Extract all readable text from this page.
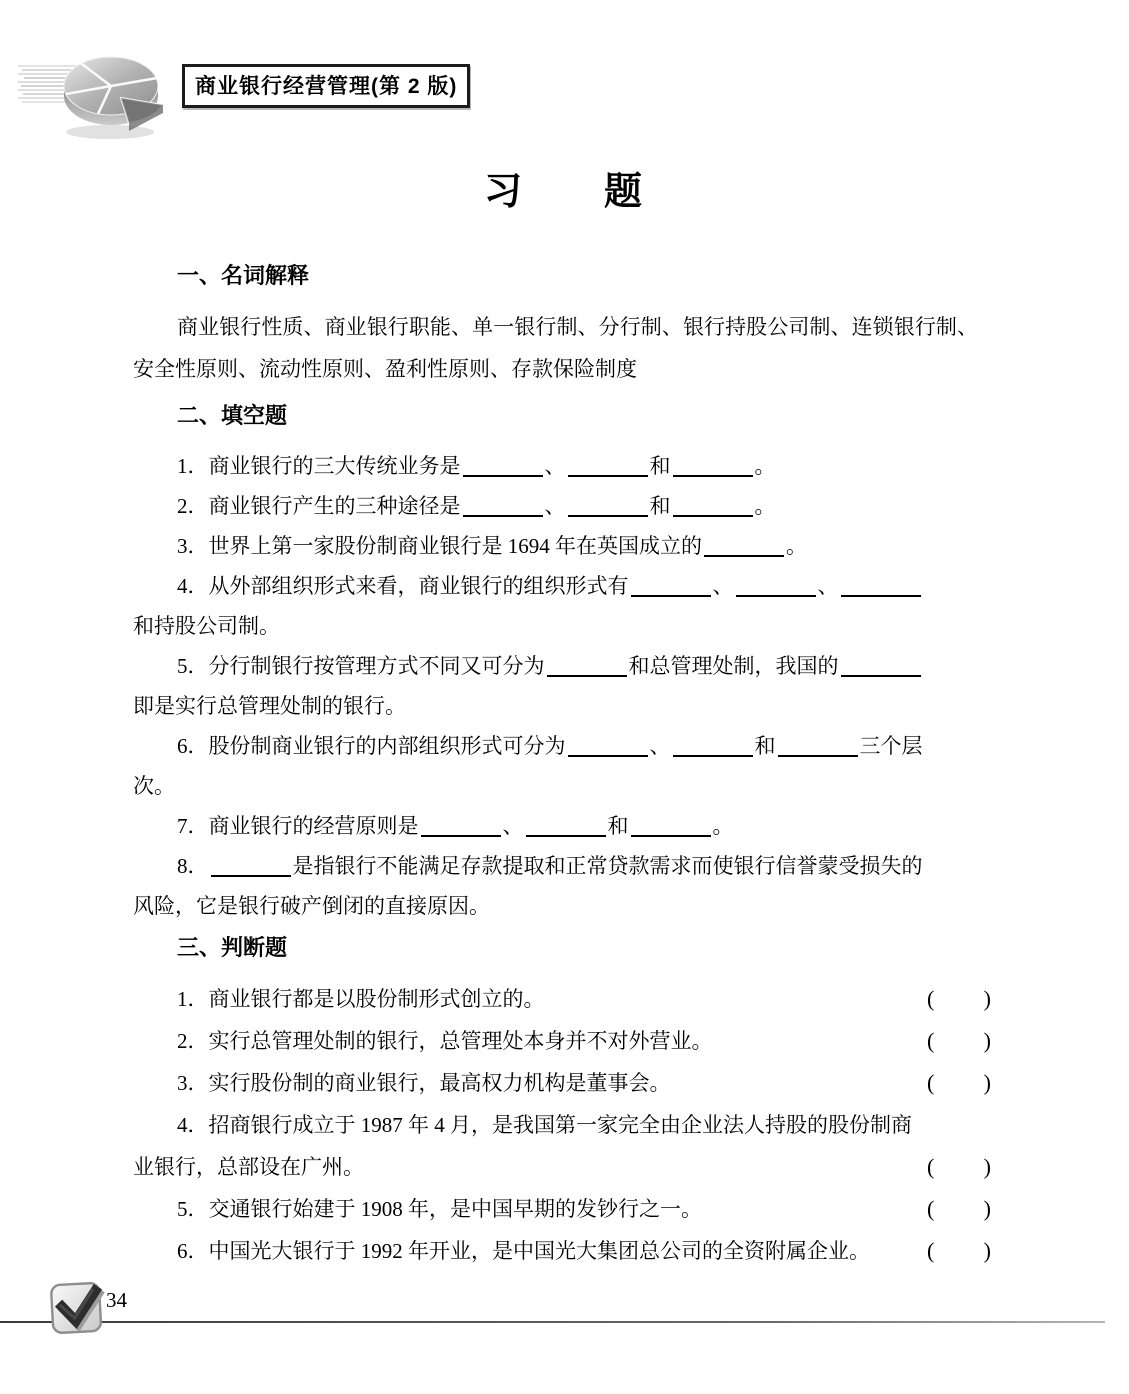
商业银行经营管理(第 2 版)
习　　题
一、名词解释

商业银行性质、商业银行职能、单一银行制、分行制、银行持股公司制、连锁银行制、安全性原则、流动性原则、盈利性原则、存款保险制度

二、填空题

1．商业银行的三大传统业务是	、	和	。

2．商业银行产生的三种途径是	、	和	。

3．世界上第一家股份制商业银行是 1694 年在英国成立的	。

4．从外部组织形式来看，商业银行的组织形式有	、	、和持股公司制。

5．分行制银行按管理方式不同又可分为	和总管理处制，我国的即是实行总管理处制的银行。

6．股份制商业银行的内部组织形式可分为	、	和	三个层次。

7．商业银行的经营原则是	、	和	。

8．	是指银行不能满足存款提取和正常贷款需求而使银行信誉蒙受损失的风险，它是银行破产倒闭的直接原因。

三、判断题
1．商业银行都是以股份制形式创立的。	( )
2．实行总管理处制的银行，总管理处本身并不对外营业。	( )
3．实行股份制的商业银行，最高权力机构是董事会。	( )
4．招商银行成立于 1987 年 4 月，是我国第一家完全由企业法人持股的股份制商业银行，总部设在广州。	( )
5．交通银行始建于 1908 年，是中国早期的发钞行之一。	( )
6．中国光大银行于 1992 年开业，是中国光大集团总公司的全资附属企业。	( )
34
